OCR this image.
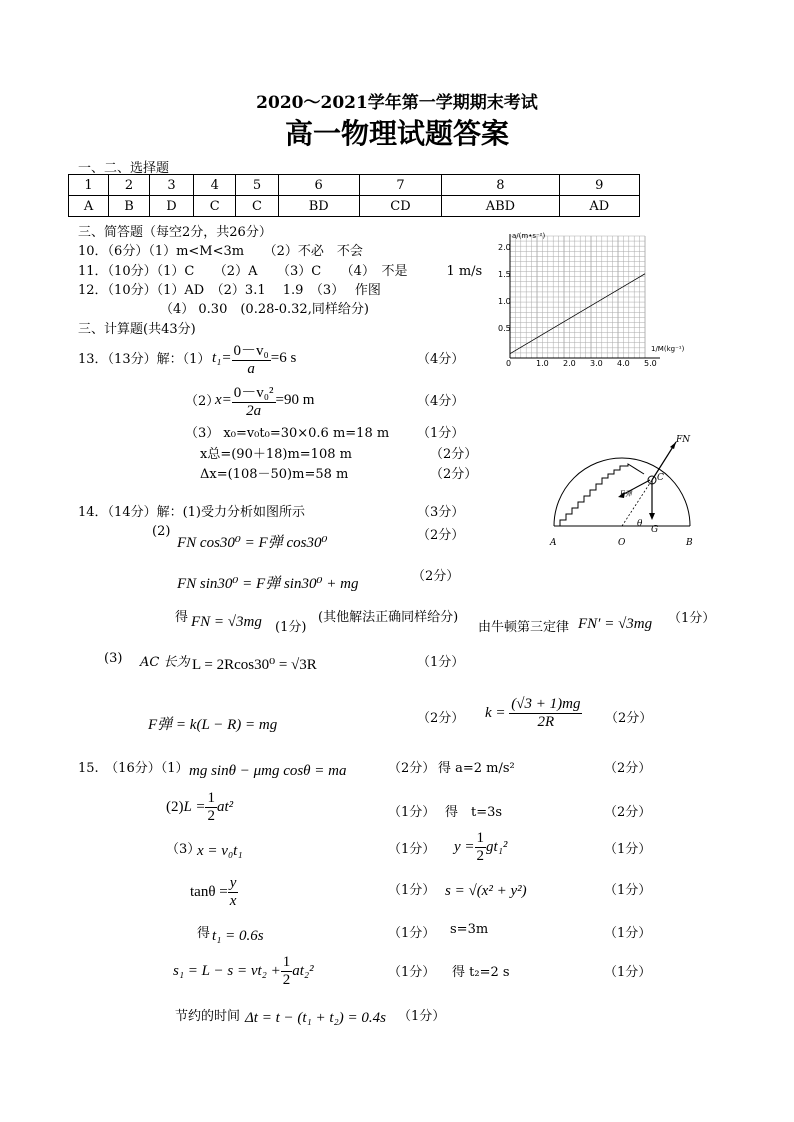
2020～2021学年第一学期期末考试
高一物理试题答案
一、二、选择题
1	2	3	4	5	6	7	8	9
A	B	D	C	C	BD	CD	ABD	AD
三、简答题（每空2分，共26分）
10．（6分）（1）m<M<3m　　（2）不必　不会
11．（10分）（1）C　　（2）A　　（3）C　　（4）　不是　　　1 m/s
12．（10分）（1）AD　（2）3.1　 1.9　（3）　 作图
（4） 0.30　(0.28-0.32,同样给分)
三、计算题(共43分)
a/(m•s⁻²)
1/M(kg⁻¹)
2.0
1.5
1.0
0.5
0	1.0 2.0 3.0 4.0 5.0
13．（13分）解：（1） $t_1= \frac{\text{0－v₀}}{a} =6$ s	（4分）
（2）
$x= \frac{\text{0－v₀²}}{2a} =90$ m	（4分）
（3） x₀=v₀t₀=30×0.6 m=18 m （1分）
x总=(90＋18)m=108 m	（2分）
Δx=(108－50)m=58 m	（2分）
14．（14分）解：(1)受力分析如图所示	（3分）
(2)
FN cos30⁰ = F弹 cos30⁰	（2分）
FN sin30⁰ = F弹 sin30⁰ + mg	（2分）
得 FN = √3mg (1分)
(其他解法正确同样给分)
由牛顿第三定律 FN′ = √3mg （1分）
(3) AC 长为 L = 2Rcos30⁰ = √3R	（1分）
F弹 = k(L − R) = mg	（2分） $k = \frac{(√3 + 1)mg}{2R} (2$分）
FN
C
F弹
θ
G
A	O	B
15.　（16分）（1） mg sinθ − μmg cosθ = ma	（2分） 得 a=2 m/s²	（2分）
$(2)L = \frac{1}{2} at^2$	（1分） 得　t=3s	（2分）
（3）
x = v₀t₁	（1分） $y = \frac{1}{2} gt_1^2$	（1分）
$\tan\theta = \frac{y}{x}$	（1分） s = √(x² + y²)	（1分）
得 t₁ = 0.6s	（1分） s=3m	（1分）
$s_1 = L - s = vt_2 + \frac{1}{2} at_2^2$	（1分） 得 t₂=2 s	（1分）
节约的时间 Δt = t − (t₁ + t₂) = 0.4s （1分）
